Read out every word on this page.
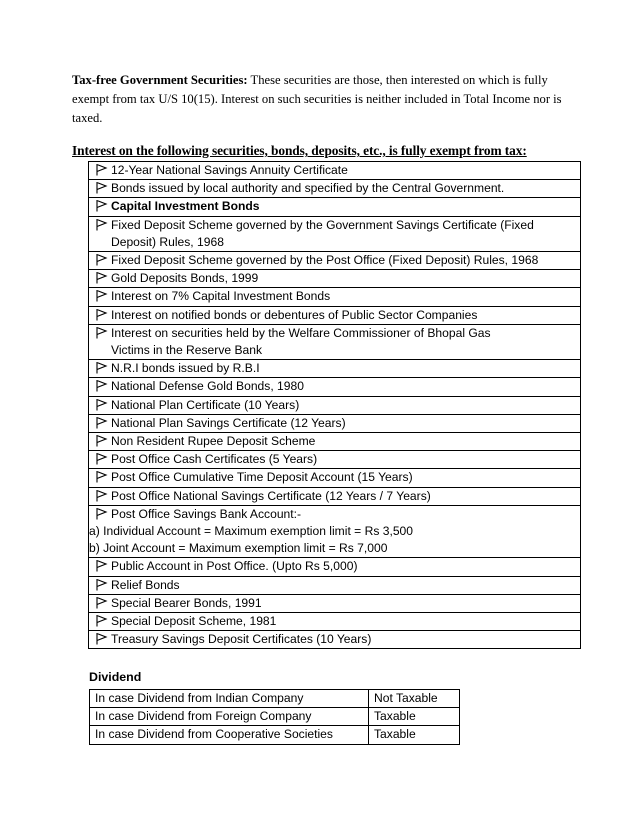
Tax-free Government Securities: These securities are those, then interested on which is fully exempt from tax U/S 10(15). Interest on such securities is neither included in Total Income nor is taxed.
Interest on the following securities, bonds, deposits, etc., is fully exempt from tax:
12-Year National Savings Annuity Certificate
Bonds issued by local authority and specified by the Central Government.
Capital Investment Bonds
Fixed Deposit Scheme governed by the Government Savings Certificate (Fixed
Deposit) Rules, 1968

Fixed Deposit Scheme governed by the Post Office (Fixed Deposit) Rules, 1968
Gold Deposits Bonds, 1999
Interest on 7% Capital Investment Bonds
Interest on notified bonds or debentures of Public Sector Companies
Interest on securities held by the Welfare Commissioner of Bhopal Gas
Victims in the Reserve Bank

N.R.I bonds issued by R.B.I
National Defense Gold Bonds, 1980
National Plan Certificate (10 Years)
National Plan Savings Certificate (12 Years)
Non Resident Rupee Deposit Scheme
Post Office Cash Certificates (5 Years)
Post Office Cumulative Time Deposit Account (15 Years)
Post Office National Savings Certificate (12 Years / 7 Years)
Post Office Savings Bank Account:-
a) Individual Account = Maximum exemption limit = Rs 3,500
b) Joint Account = Maximum exemption limit = Rs 7,000

Public Account in Post Office. (Upto Rs 5,000)
Relief Bonds
Special Bearer Bonds, 1991
Special Deposit Scheme, 1981
Treasury Savings Deposit Certificates (10 Years)
Dividend
In case Dividend from Indian Company	Not Taxable
In case Dividend from Foreign Company	Taxable
In case Dividend from Cooperative Societies	Taxable
